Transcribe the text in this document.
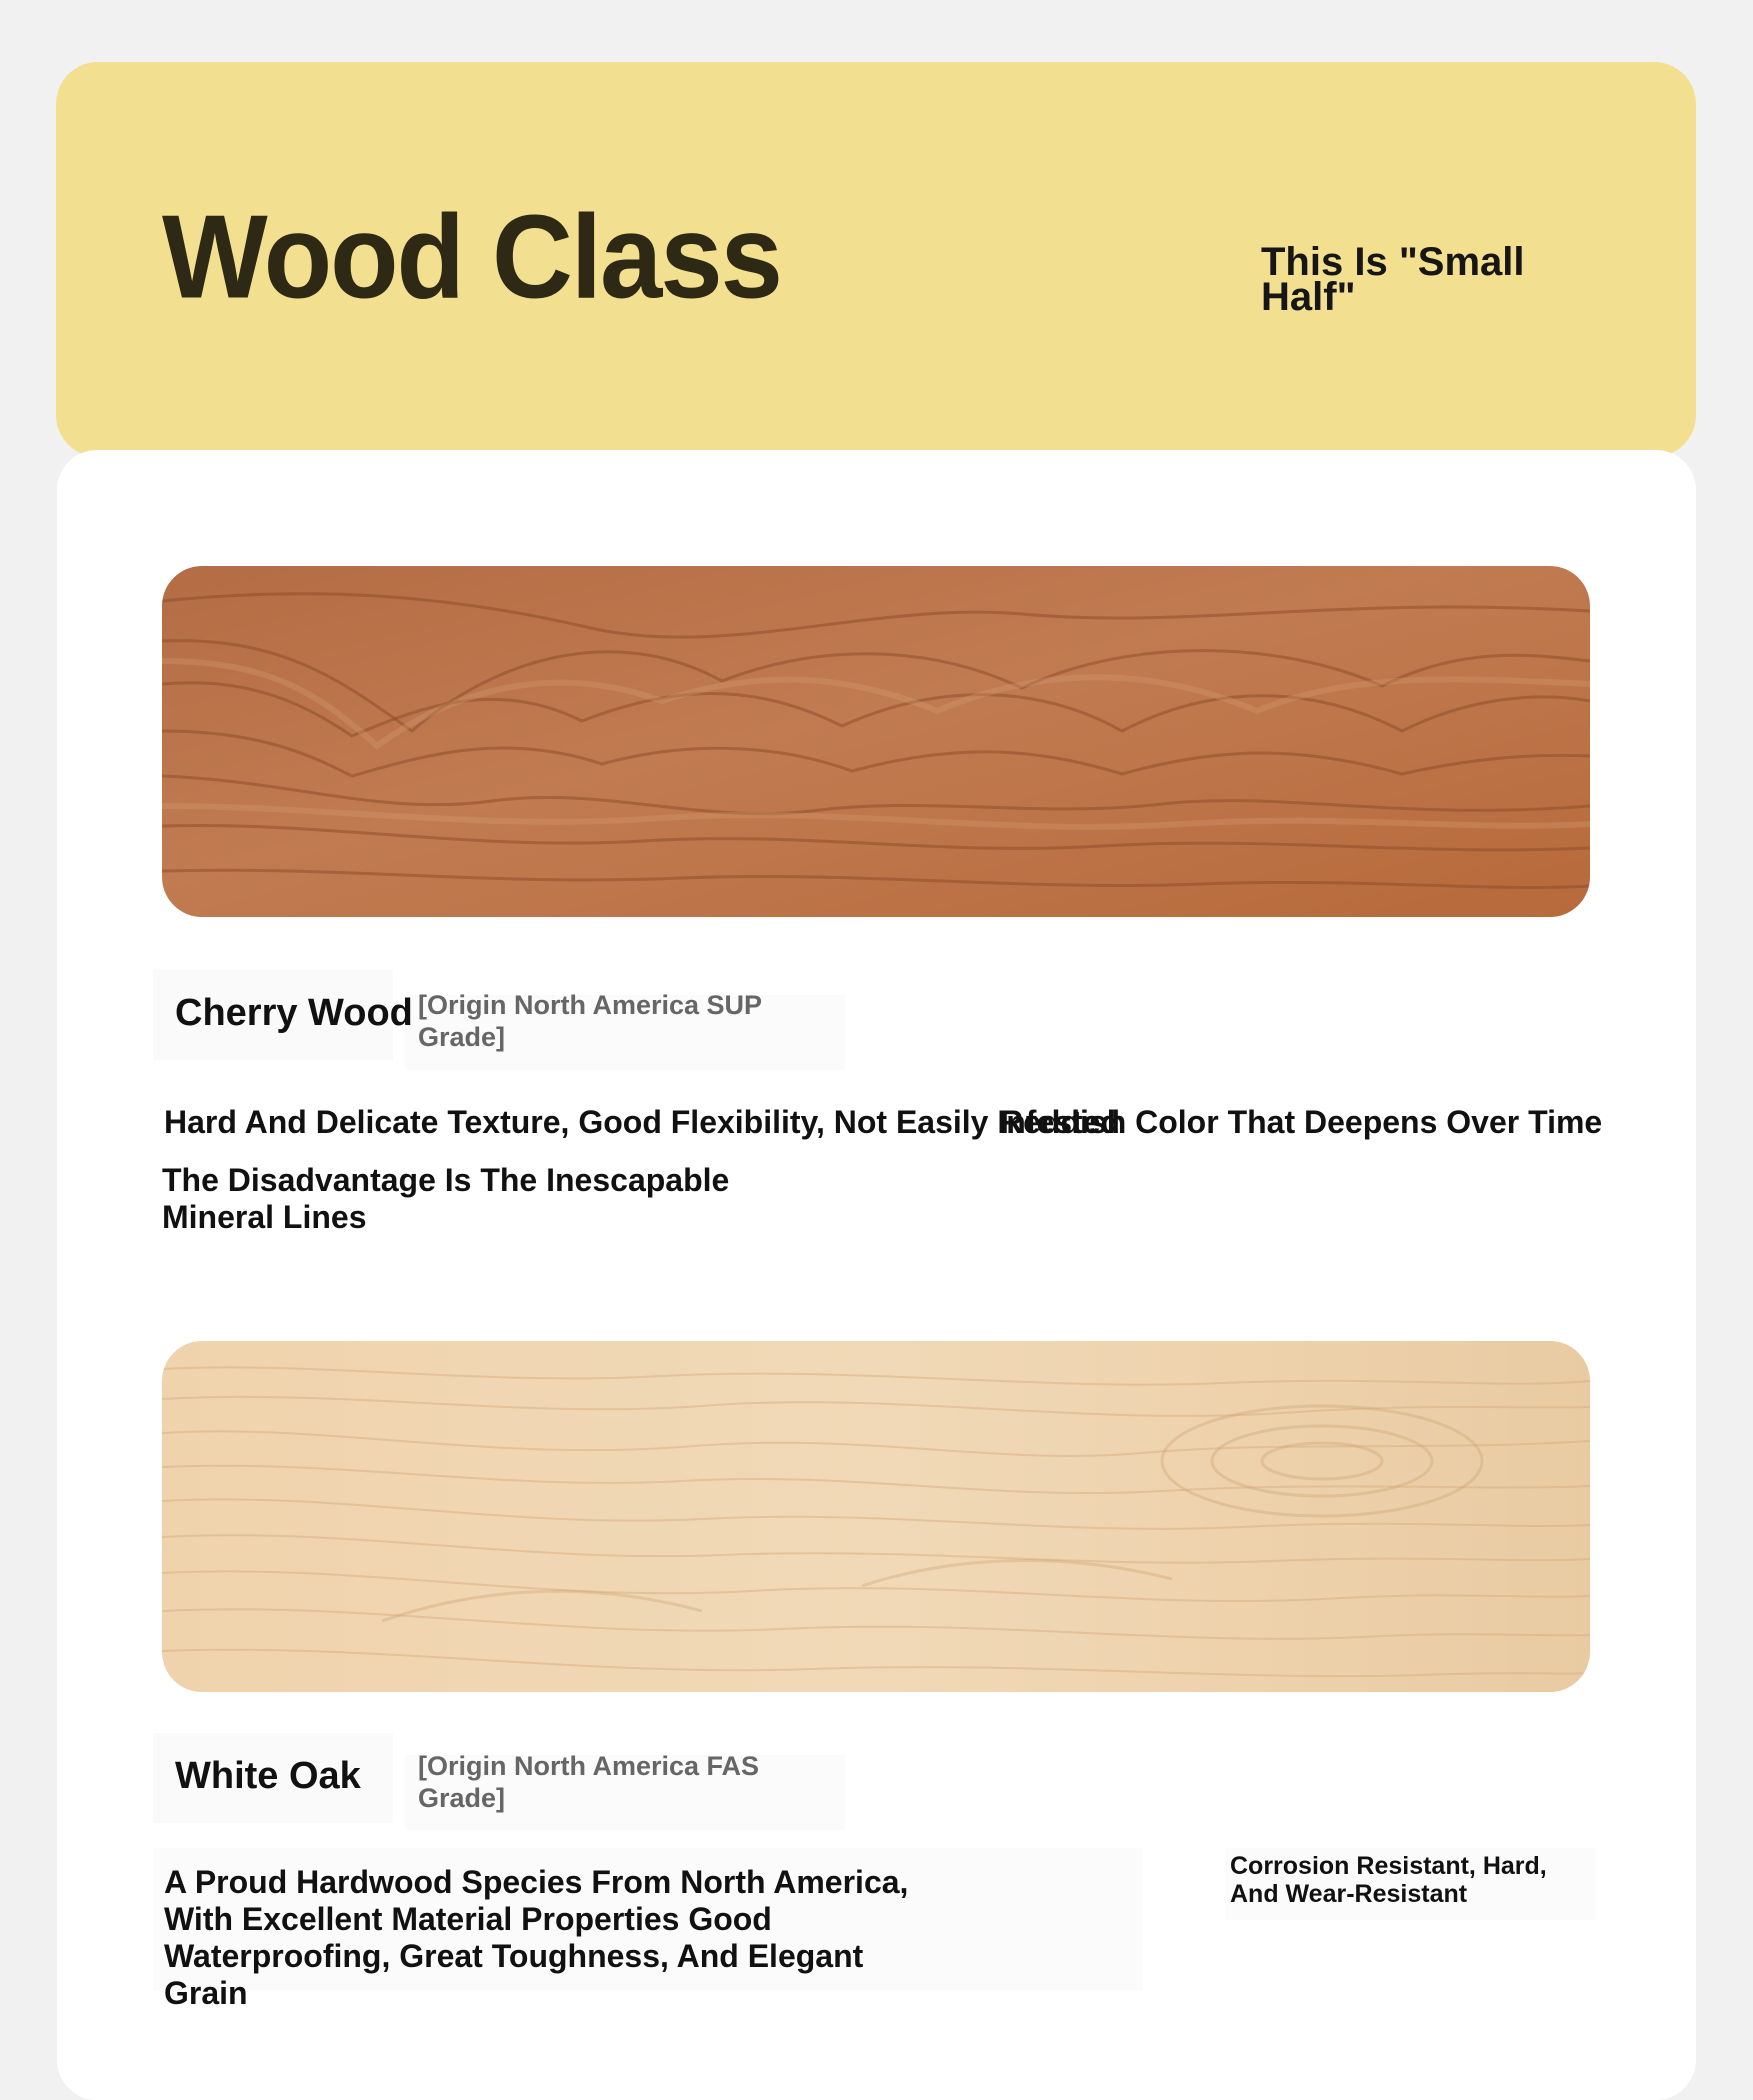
Wood Class	This Is "Small Half"
Cherry Wood [Origin North America SUP Grade]
Hard And Delicate Texture, Good Flexibility, Not Easily Infested
Reddish Color That Deepens Over Time
The Disadvantage Is The Inescapable Mineral Lines
White Oak [Origin North America FAS Grade]
A Proud Hardwood Species From North America, With Excellent Material Properties Good Waterproofing, Great Toughness, And Elegant Grain
Corrosion Resistant, Hard, And Wear-Resistant
